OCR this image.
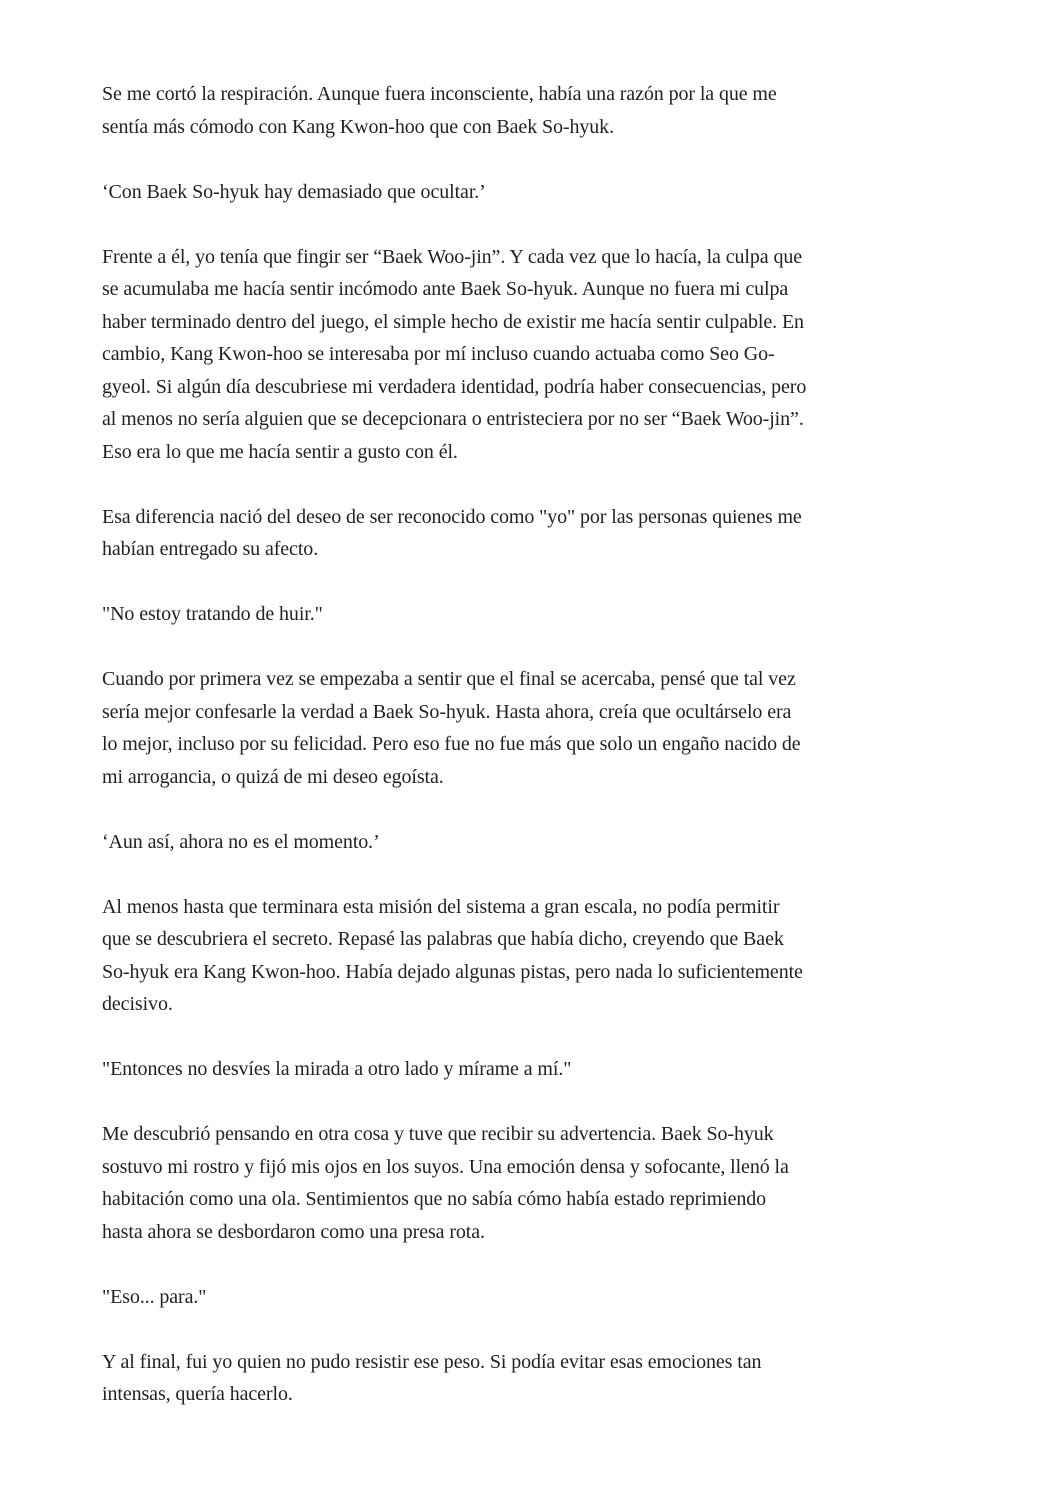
Se me cortó la respiración. Aunque fuera inconsciente, había una razón por la que me
sentía más cómodo con Kang Kwon-hoo que con Baek So-hyuk.

‘Con Baek So-hyuk hay demasiado que ocultar.’

Frente a él, yo tenía que fingir ser “Baek Woo-jin”. Y cada vez que lo hacía, la culpa que
se acumulaba me hacía sentir incómodo ante Baek So-hyuk. Aunque no fuera mi culpa
haber terminado dentro del juego, el simple hecho de existir me hacía sentir culpable. En
cambio, Kang Kwon-hoo se interesaba por mí incluso cuando actuaba como Seo Go-
gyeol. Si algún día descubriese mi verdadera identidad, podría haber consecuencias, pero
al menos no sería alguien que se decepcionara o entristeciera por no ser “Baek Woo-jin”.
Eso era lo que me hacía sentir a gusto con él.

Esa diferencia nació del deseo de ser reconocido como "yo" por las personas quienes me
habían entregado su afecto.

"No estoy tratando de huir."

Cuando por primera vez se empezaba a sentir que el final se acercaba, pensé que tal vez
sería mejor confesarle la verdad a Baek So-hyuk. Hasta ahora, creía que ocultárselo era
lo mejor, incluso por su felicidad. Pero eso fue no fue más que solo un engaño nacido de
mi arrogancia, o quizá de mi deseo egoísta.

‘Aun así, ahora no es el momento.’

Al menos hasta que terminara esta misión del sistema a gran escala, no podía permitir
que se descubriera el secreto. Repasé las palabras que había dicho, creyendo que Baek
So-hyuk era Kang Kwon-hoo. Había dejado algunas pistas, pero nada lo suficientemente
decisivo.

"Entonces no desvíes la mirada a otro lado y mírame a mí."

Me descubrió pensando en otra cosa y tuve que recibir su advertencia. Baek So-hyuk
sostuvo mi rostro y fijó mis ojos en los suyos. Una emoción densa y sofocante, llenó la
habitación como una ola. Sentimientos que no sabía cómo había estado reprimiendo
hasta ahora se desbordaron como una presa rota.

"Eso... para."

Y al final, fui yo quien no pudo resistir ese peso. Si podía evitar esas emociones tan
intensas, quería hacerlo.
